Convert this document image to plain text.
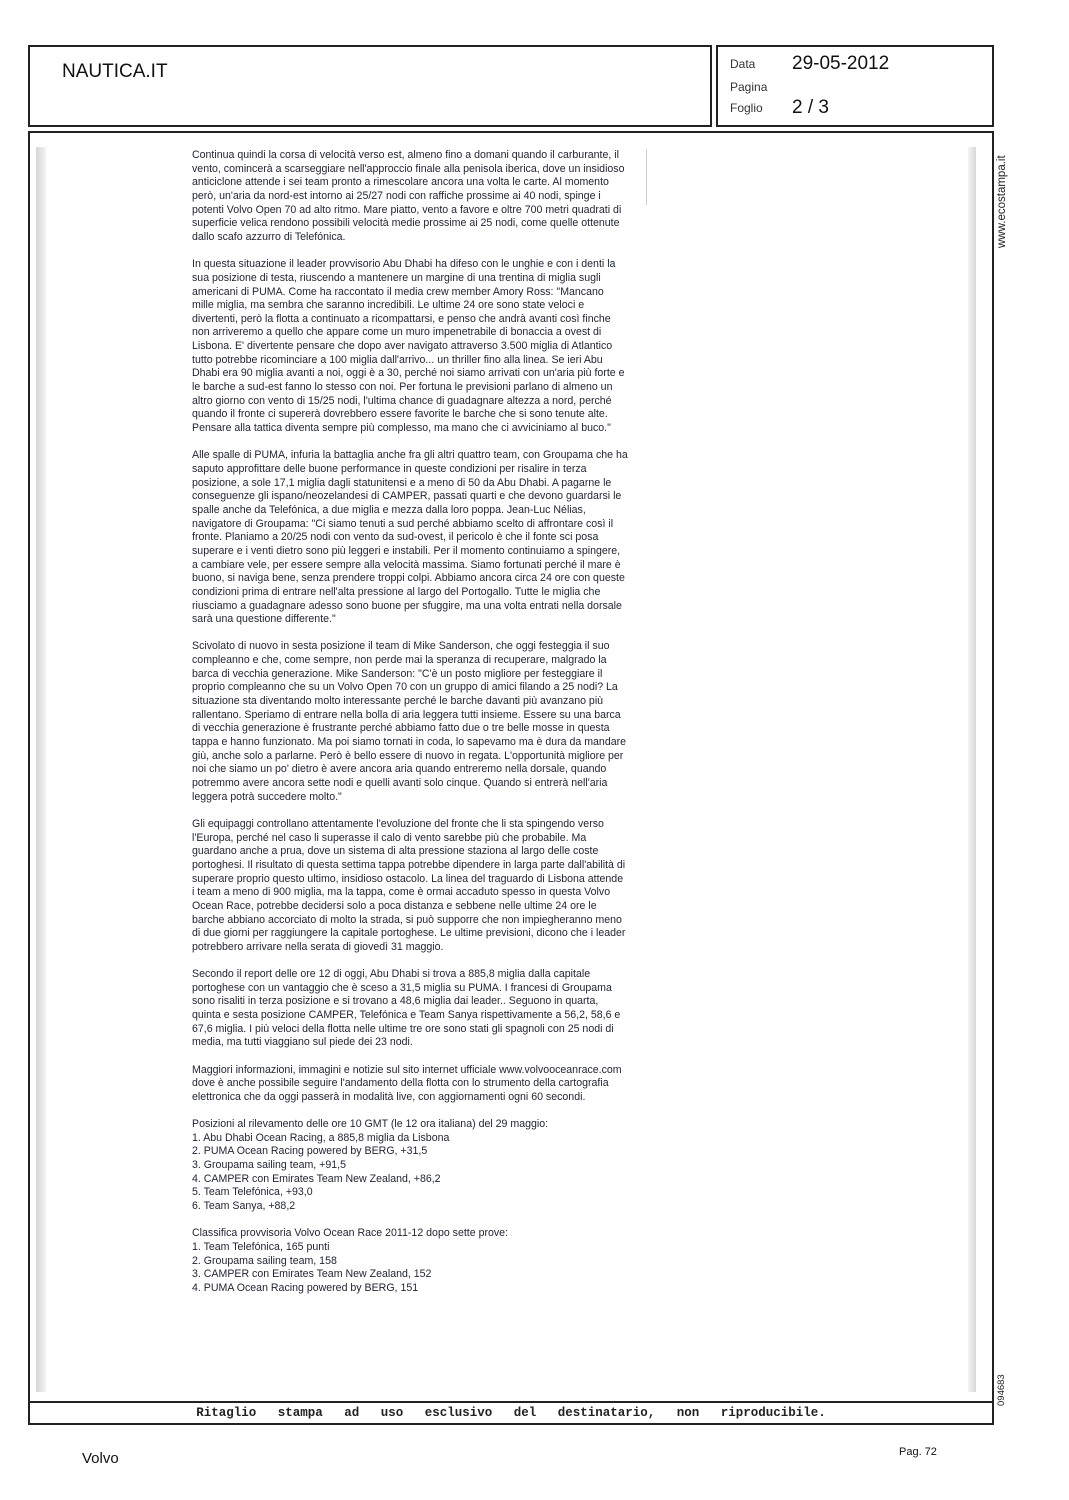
NAUTICA.IT	Data 29-05-2012
Pagina
Foglio 2 / 3

Continua quindi la corsa di velocità verso est, almeno fino a domani quando il carburante, il vento, comincerà a scarseggiare nell'approccio finale alla penisola iberica, dove un insidioso anticiclone attende i sei team pronto a rimescolare ancora una volta le carte. Al momento però, un'aria da nord-est intorno ai 25/27 nodi con raffiche prossime ai 40 nodi, spinge i potenti Volvo Open 70 ad alto ritmo. Mare piatto, vento a favore e oltre 700 metri quadrati di superficie velica rendono possibili velocità medie prossime ai 25 nodi, come quelle ottenute dallo scafo azzurro di Telefónica.

In questa situazione il leader provvisorio Abu Dhabi ha difeso con le unghie e con i denti la sua posizione di testa, riuscendo a mantenere un margine di una trentina di miglia sugli americani di PUMA. Come ha raccontato il media crew member Amory Ross: "Mancano mille miglia, ma sembra che saranno incredibili. Le ultime 24 ore sono state veloci e divertenti, però la flotta a continuato a ricompattarsi, e penso che andrà avanti così finche non arriveremo a quello che appare come un muro impenetrabile di bonaccia a ovest di Lisbona. E' divertente pensare che dopo aver navigato attraverso 3.500 miglia di Atlantico tutto potrebbe ricominciare a 100 miglia dall'arrivo... un thriller fino alla linea. Se ieri Abu Dhabi era 90 miglia avanti a noi, oggi è a 30, perché noi siamo arrivati con un'aria più forte e le barche a sud-est fanno lo stesso con noi. Per fortuna le previsioni parlano di almeno un altro giorno con vento di 15/25 nodi, l'ultima chance di guadagnare altezza a nord, perché quando il fronte ci supererà dovrebbero essere favorite le barche che si sono tenute alte. Pensare alla tattica diventa sempre più complesso, ma mano che ci avviciniamo al buco."

Alle spalle di PUMA, infuria la battaglia anche fra gli altri quattro team, con Groupama che ha saputo approfittare delle buone performance in queste condizioni per risalire in terza posizione, a sole 17,1 miglia dagli statunitensi e a meno di 50 da Abu Dhabi. A pagarne le conseguenze gli ispano/neozelandesi di CAMPER, passati quarti e che devono guardarsi le spalle anche da Telefónica, a due miglia e mezza dalla loro poppa. Jean-Luc Nélias, navigatore di Groupama: "Ci siamo tenuti a sud perché abbiamo scelto di affrontare così il fronte. Planiamo a 20/25 nodi con vento da sud-ovest, il pericolo è che il fonte sci posa superare e i venti dietro sono più leggeri e instabili. Per il momento continuiamo a spingere, a cambiare vele, per essere sempre alla velocità massima. Siamo fortunati perché il mare è buono, si naviga bene, senza prendere troppi colpi. Abbiamo ancora circa 24 ore con queste condizioni prima di entrare nell'alta pressione al largo del Portogallo. Tutte le miglia che riusciamo a guadagnare adesso sono buone per sfuggire, ma una volta entrati nella dorsale sarà una questione differente."

Scivolato di nuovo in sesta posizione il team di Mike Sanderson, che oggi festeggia il suo compleanno e che, come sempre, non perde mai la speranza di recuperare, malgrado la barca di vecchia generazione. Mike Sanderson: "C'è un posto migliore per festeggiare il proprio compleanno che su un Volvo Open 70 con un gruppo di amici filando a 25 nodi? La situazione sta diventando molto interessante perché le barche davanti più avanzano più rallentano. Speriamo di entrare nella bolla di aria leggera tutti insieme. Essere su una barca di vecchia generazione è frustrante perché abbiamo fatto due o tre belle mosse in questa tappa e hanno funzionato. Ma poi siamo tornati in coda, lo sapevamo ma è dura da mandare giù, anche solo a parlarne. Però è bello essere di nuovo in regata. L'opportunità migliore per noi che siamo un po' dietro è avere ancora aria quando entreremo nella dorsale, quando potremmo avere ancora sette nodi e quelli avanti solo cinque. Quando si entrerà nell'aria leggera potrà succedere molto."

Gli equipaggi controllano attentamente l'evoluzione del fronte che li sta spingendo verso l'Europa, perché nel caso li superasse il calo di vento sarebbe più che probabile. Ma guardano anche a prua, dove un sistema di alta pressione staziona al largo delle coste portoghesi. Il risultato di questa settima tappa potrebbe dipendere in larga parte dall'abilità di superare proprio questo ultimo, insidioso ostacolo. La linea del traguardo di Lisbona attende i team a meno di 900 miglia, ma la tappa, come è ormai accaduto spesso in questa Volvo Ocean Race, potrebbe decidersi solo a poca distanza e sebbene nelle ultime 24 ore le barche abbiano accorciato di molto la strada, si può supporre che non impiegheranno meno di due giorni per raggiungere la capitale portoghese. Le ultime previsioni, dicono che i leader potrebbero arrivare nella serata di giovedì 31 maggio.

Secondo il report delle ore 12 di oggi, Abu Dhabi si trova a 885,8 miglia dalla capitale portoghese con un vantaggio che è sceso a 31,5 miglia su PUMA. I francesi di Groupama sono risaliti in terza posizione e si trovano a 48,6 miglia dai leader.. Seguono in quarta, quinta e sesta posizione CAMPER, Telefónica e Team Sanya rispettivamente a 56,2, 58,6 e 67,6 miglia. I più veloci della flotta nelle ultime tre ore sono stati gli spagnoli con 25 nodi di media, ma tutti viaggiano sul piede dei 23 nodi.

Maggiori informazioni, immagini e notizie sul sito internet ufficiale www.volvooceanrace.com dove è anche possibile seguire l'andamento della flotta con lo strumento della cartografia elettronica che da oggi passerà in modalità live, con aggiornamenti ogni 60 secondi.

Posizioni al rilevamento delle ore 10 GMT (le 12 ora italiana) del 29 maggio:
1. Abu Dhabi Ocean Racing, a 885,8 miglia da Lisbona
2. PUMA Ocean Racing powered by BERG, +31,5
3. Groupama sailing team, +91,5
4. CAMPER con Emirates Team New Zealand, +86,2
5. Team Telefónica, +93,0
6. Team Sanya, +88,2
Classifica provvisoria Volvo Ocean Race 2011-12 dopo sette prove:
1. Team Telefónica, 165 punti
2. Groupama sailing team, 158
3. CAMPER con Emirates Team New Zealand, 152
4. PUMA Ocean Racing powered by BERG, 151
Ritaglio stampa ad uso esclusivo del destinatario, non riproducibile.
www.ecostampa.it
094683
Volvo	Pag. 72
